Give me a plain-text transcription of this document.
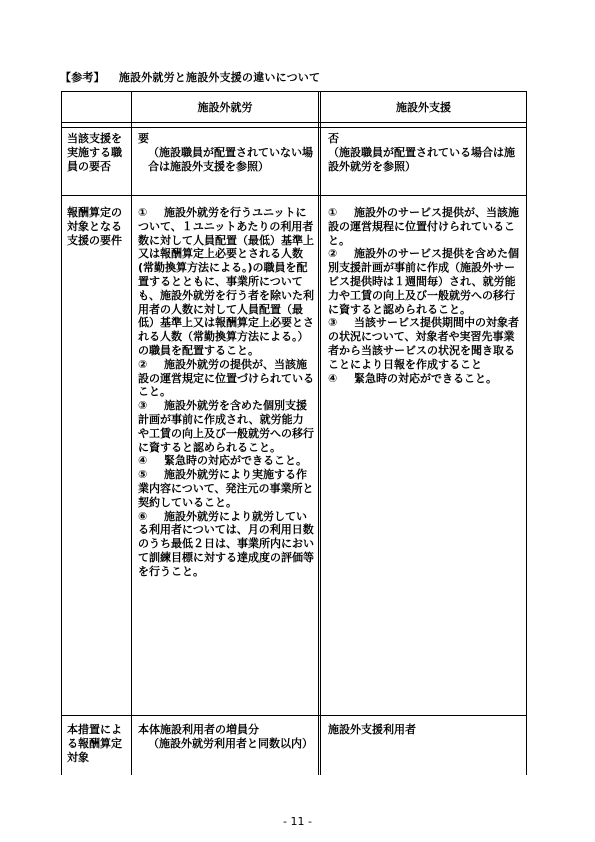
【参考】 施設外就労と施設外支援の違いについて
施設外就労	施設外支援
当該支援を実施する職員の要否
要
（施設職員が配置されていない場合は施設外支援を参照）
否
（施設職員が配置されている場合は施設外就労を参照）
報酬算定の対象となる支援の要件
① 施設外就労を行うユニットについて、１ユニットあたりの利用者数に対して人員配置（最低）基準上又は報酬算定上必要とされる人数(常勤換算方法による。)の職員を配置するとともに、事業所についても、施設外就労を行う者を除いた利用者の人数に対して人員配置（最低）基準上又は報酬算定上必要とされる人数（常勤換算方法による。）の職員を配置すること。
② 施設外就労の提供が、当該施設の運営規定に位置づけられていること。
③ 施設外就労を含めた個別支援計画が事前に作成され、就労能力や工賃の向上及び一般就労への移行に資すると認められること。
④ 緊急時の対応ができること。
⑤ 施設外就労により実施する作業内容について、発注元の事業所と契約していること。
⑥ 施設外就労により就労している利用者については、月の利用日数のうち最低２日は、事業所内において訓練目標に対する達成度の評価等を行うこと。
① 施設外のサービス提供が、当該施設の運営規程に位置付けられていること。
② 施設外のサービス提供を含めた個別支援計画が事前に作成（施設外サービス提供時は１週間毎）され、就労能力や工賃の向上及び一般就労への移行に資すると認められること。
③ 当該サービス提供期間中の対象者の状況について、対象者や実習先事業者から当該サービスの状況を聞き取ることにより日報を作成すること
④ 緊急時の対応ができること。
本措置による報酬算定対象
本体施設利用者の増員分
（施設外就労利用者と同数以内）
施設外支援利用者
- 11 -
